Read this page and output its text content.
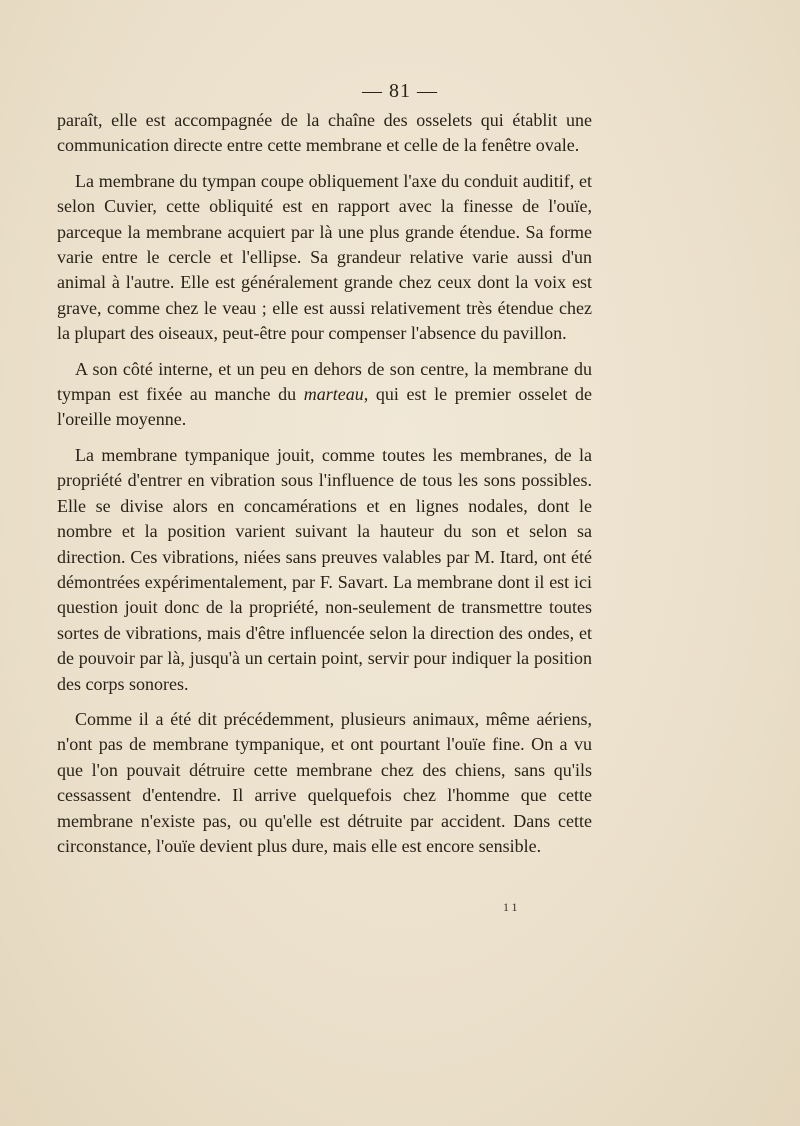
— 81 —

paraît, elle est accompagnée de la chaîne des osselets qui établit une communication directe entre cette membrane et celle de la fenêtre ovale.

La membrane du tympan coupe obliquement l'axe du conduit auditif, et selon Cuvier, cette obliquité est en rapport avec la finesse de l'ouïe, parceque la membrane acquiert par là une plus grande étendue. Sa forme varie entre le cercle et l'ellipse. Sa grandeur relative varie aussi d'un animal à l'autre. Elle est généralement grande chez ceux dont la voix est grave, comme chez le veau ; elle est aussi relativement très étendue chez la plupart des oiseaux, peut-être pour compenser l'absence du pavillon.

A son côté interne, et un peu en dehors de son centre, la membrane du tympan est fixée au manche du marteau, qui est le premier osselet de l'oreille moyenne.

La membrane tympanique jouit, comme toutes les membranes, de la propriété d'entrer en vibration sous l'influence de tous les sons possibles. Elle se divise alors en concamérations et en lignes nodales, dont le nombre et la position varient suivant la hauteur du son et selon sa direction. Ces vibrations, niées sans preuves valables par M. Itard, ont été démontrées expérimentalement, par F. Savart. La membrane dont il est ici question jouit donc de la propriété, non-seulement de transmettre toutes sortes de vibrations, mais d'être influencée selon la direction des ondes, et de pouvoir par là, jusqu'à un certain point, servir pour indiquer la position des corps sonores.

Comme il a été dit précédemment, plusieurs animaux, même aériens, n'ont pas de membrane tympanique, et ont pourtant l'ouïe fine. On a vu que l'on pouvait détruire cette membrane chez des chiens, sans qu'ils cessassent d'entendre. Il arrive quelquefois chez l'homme que cette membrane n'existe pas, ou qu'elle est détruite par accident. Dans cette circonstance, l'ouïe devient plus dure, mais elle est encore sensible.

11
